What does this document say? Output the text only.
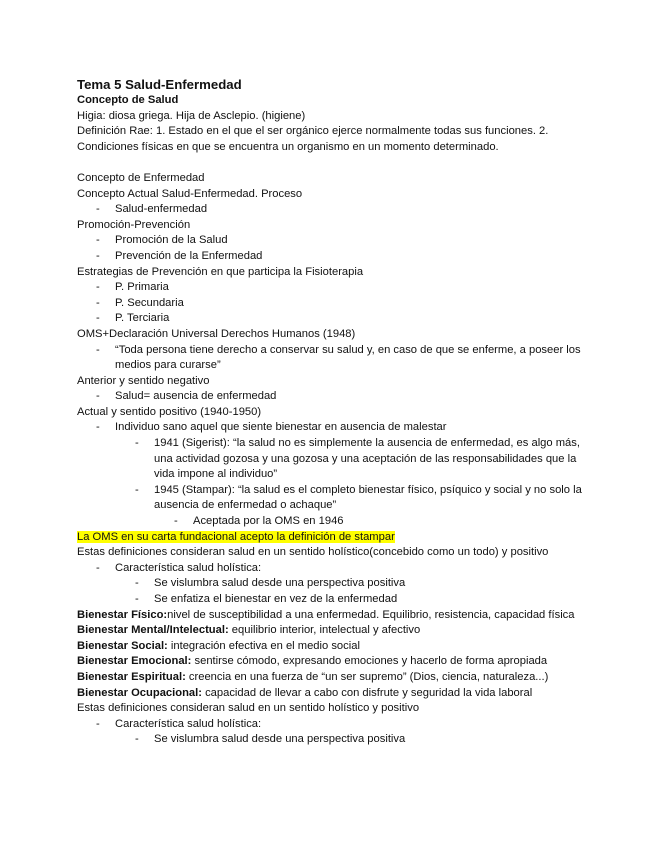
Tema 5 Salud-Enfermedad

Concepto de Salud

Higia: diosa griega. Hija de Asclepio. (higiene)

Definición Rae: 1. Estado en el que el ser orgánico ejerce normalmente todas sus funciones. 2. Condiciones físicas en que se encuentra un organismo en un momento determinado.

Concepto de Enfermedad

Concepto Actual Salud-Enfermedad. Proceso

- Salud-enfermedad

Promoción-Prevención

- Promoción de la Salud
- Prevención de la Enfermedad

Estrategias de Prevención en que participa la Fisioterapia

- P. Primaria
- P. Secundaria
- P. Terciaria

OMS+Declaración Universal Derechos Humanos (1948)

- “Toda persona tiene derecho a conservar su salud y, en caso de que se enferme, a poseer los medios para curarse”

Anterior y sentido negativo

- Salud= ausencia de enfermedad

Actual y sentido positivo (1940-1950)

- Individuo sano aquel que siente bienestar en ausencia de malestar
- 1941 (Sigerist): “la salud no es simplemente la ausencia de enfermedad, es algo más, una actividad gozosa y una gozosa y una aceptación de las responsabilidades que la vida impone al individuo”
- 1945 (Stampar): “la salud es el completo bienestar físico, psíquico y social y no solo la ausencia de enfermedad o achaque”
- Aceptada por la OMS en 1946

La OMS en su carta fundacional acepto la definición de stampar

Estas definiciones consideran salud en un sentido holístico(concebido como un todo) y positivo

- Característica salud holística:
- Se vislumbra salud desde una perspectiva positiva
- Se enfatiza el bienestar en vez de la enfermedad

Bienestar Físico:nivel de susceptibilidad a una enfermedad. Equilibrio, resistencia, capacidad física

Bienestar Mental/Intelectual: equilibrio interior, intelectual y afectivo

Bienestar Social: integración efectiva en el medio social

Bienestar Emocional: sentirse cómodo, expresando emociones y hacerlo de forma apropiada

Bienestar Espiritual: creencia en una fuerza de “un ser supremo” (Dios, ciencia, naturaleza...)

Bienestar Ocupacional: capacidad de llevar a cabo con disfrute y seguridad la vida laboral

Estas definiciones consideran salud en un sentido holístico y positivo

- Característica salud holística:
- Se vislumbra salud desde una perspectiva positiva
